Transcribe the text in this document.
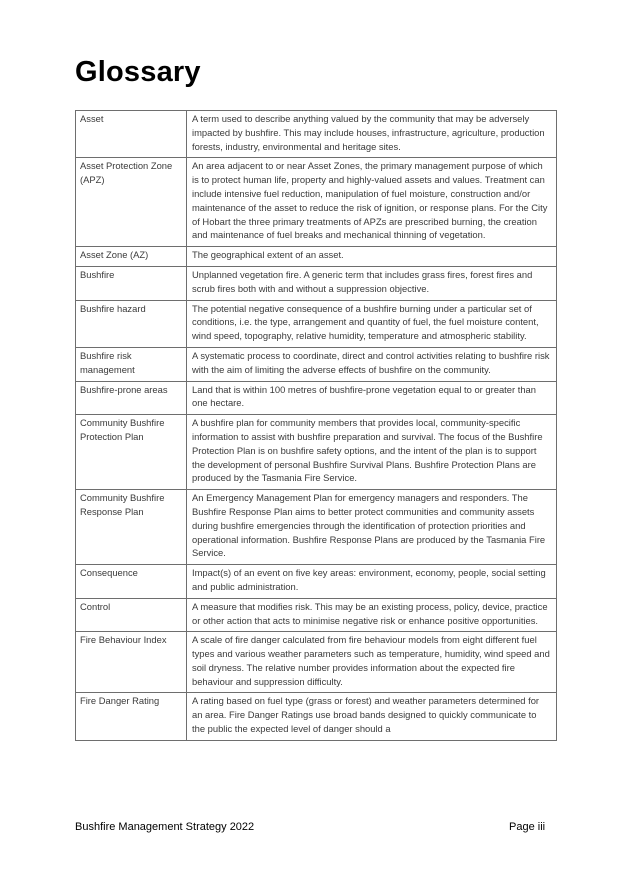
Glossary
Asset	A term used to describe anything valued by the community that may be adversely impacted by bushfire. This may include houses, infrastructure, agriculture, production forests, industry, environmental and heritage sites.
Asset Protection Zone (APZ)	An area adjacent to or near Asset Zones, the primary management purpose of which is to protect human life, property and highly-valued assets and values. Treatment can include intensive fuel reduction, manipulation of fuel moisture, construction and/or maintenance of the asset to reduce the risk of ignition, or response plans. For the City of Hobart the three primary treatments of APZs are prescribed burning, the creation and maintenance of fuel breaks and mechanical thinning of vegetation.
Asset Zone (AZ)	The geographical extent of an asset.
Bushfire	Unplanned vegetation fire. A generic term that includes grass fires, forest fires and scrub fires both with and without a suppression objective.
Bushfire hazard	The potential negative consequence of a bushfire burning under a particular set of conditions, i.e. the type, arrangement and quantity of fuel, the fuel moisture content, wind speed, topography, relative humidity, temperature and atmospheric stability.
Bushfire risk management	A systematic process to coordinate, direct and control activities relating to bushfire risk with the aim of limiting the adverse effects of bushfire on the community.
Bushfire-prone areas	Land that is within 100 metres of bushfire-prone vegetation equal to or greater than one hectare.
Community Bushfire Protection Plan	A bushfire plan for community members that provides local, community-specific information to assist with bushfire preparation and survival. The focus of the Bushfire Protection Plan is on bushfire safety options, and the intent of the plan is to support the development of personal Bushfire Survival Plans. Bushfire Protection Plans are produced by the Tasmania Fire Service.
Community Bushfire Response Plan	An Emergency Management Plan for emergency managers and responders. The Bushfire Response Plan aims to better protect communities and community assets during bushfire emergencies through the identification of protection priorities and operational information. Bushfire Response Plans are produced by the Tasmania Fire Service.
Consequence	Impact(s) of an event on five key areas: environment, economy, people, social setting and public administration.
Control	A measure that modifies risk. This may be an existing process, policy, device, practice or other action that acts to minimise negative risk or enhance positive opportunities.
Fire Behaviour Index	A scale of fire danger calculated from fire behaviour models from eight different fuel types and various weather parameters such as temperature, humidity, wind speed and soil dryness. The relative number provides information about the expected fire behaviour and suppression difficulty.
Fire Danger Rating	A rating based on fuel type (grass or forest) and weather parameters determined for an area. Fire Danger Ratings use broad bands designed to quickly communicate to the public the expected level of danger should a
Bushfire Management Strategy 2022	Page iii
